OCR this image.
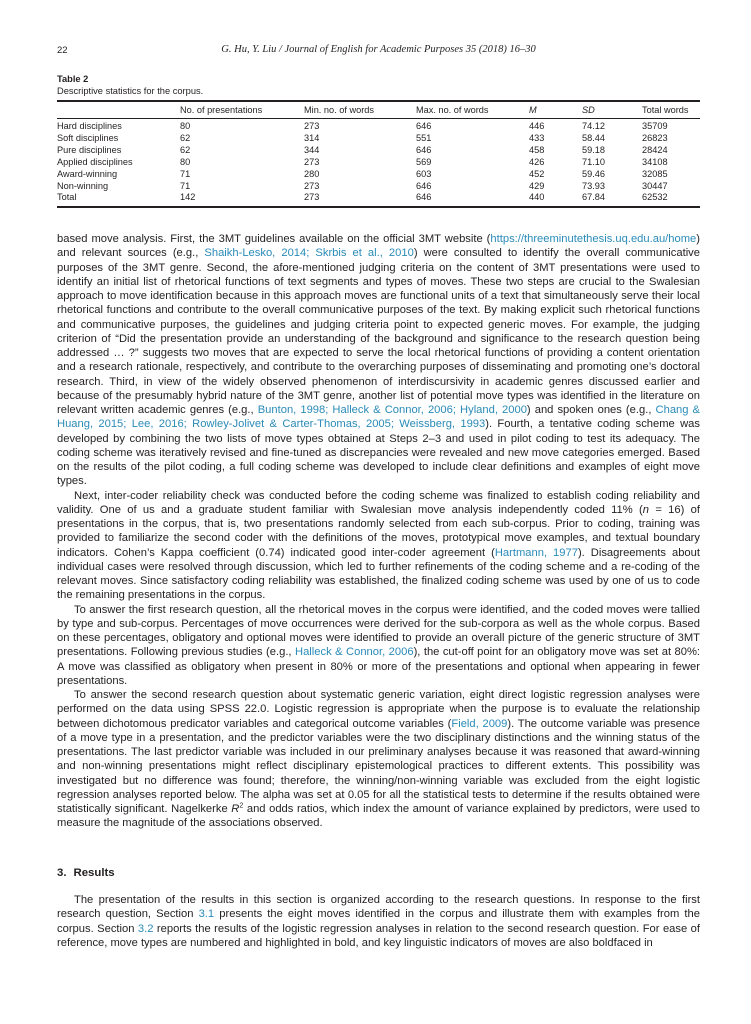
22	G. Hu, Y. Liu / Journal of English for Academic Purposes 35 (2018) 16–30
Table 2
Descriptive statistics for the corpus.
	No. of presentations	Min. no. of words	Max. no. of words	M	SD	Total words
Hard disciplines	80	273	646	446	74.12	35709
Soft disciplines	62	314	551	433	58.44	26823
Pure disciplines	62	344	646	458	59.18	28424
Applied disciplines	80	273	569	426	71.10	34108
Award-winning	71	280	603	452	59.46	32085
Non-winning	71	273	646	429	73.93	30447
Total	142	273	646	440	67.84	62532

based move analysis. First, the 3MT guidelines available on the official 3MT website (https://threeminutethesis.uq.edu.au/home) and relevant sources (e.g., Shaikh-Lesko, 2014; Skrbis et al., 2010) were consulted to identify the overall communicative purposes of the 3MT genre. Second, the afore-mentioned judging criteria on the content of 3MT presentations were used to identify an initial list of rhetorical functions of text segments and types of moves. These two steps are crucial to the Swalesian approach to move identification because in this approach moves are functional units of a text that simultaneously serve their local rhetorical functions and contribute to the overall communicative purposes of the text. By making explicit such rhetorical functions and communicative purposes, the guidelines and judging criteria point to expected generic moves. For example, the judging criterion of “Did the presentation provide an understanding of the background and significance to the research question being addressed … ?” suggests two moves that are expected to serve the local rhetorical functions of providing a content orientation and a research rationale, respectively, and contribute to the overarching purposes of disseminating and promoting one’s doctoral research. Third, in view of the widely observed phenomenon of interdiscursivity in academic genres discussed earlier and because of the presumably hybrid nature of the 3MT genre, another list of potential move types was identified in the literature on relevant written academic genres (e.g., Bunton, 1998; Halleck & Connor, 2006; Hyland, 2000) and spoken ones (e.g., Chang & Huang, 2015; Lee, 2016; Rowley-Jolivet & Carter-Thomas, 2005; Weissberg, 1993). Fourth, a tentative coding scheme was developed by combining the two lists of move types obtained at Steps 2–3 and used in pilot coding to test its adequacy. The coding scheme was iteratively revised and fine-tuned as discrepancies were revealed and new move categories emerged. Based on the results of the pilot coding, a full coding scheme was developed to include clear definitions and examples of eight move types.

Next, inter-coder reliability check was conducted before the coding scheme was finalized to establish coding reliability and validity. One of us and a graduate student familiar with Swalesian move analysis independently coded 11% (n = 16) of presentations in the corpus, that is, two presentations randomly selected from each sub-corpus. Prior to coding, training was provided to familiarize the second coder with the definitions of the moves, prototypical move examples, and textual boundary indicators. Cohen’s Kappa coefficient (0.74) indicated good inter-coder agreement (Hartmann, 1977). Disagreements about individual cases were resolved through discussion, which led to further refinements of the coding scheme and a re-coding of the relevant moves. Since satisfactory coding reliability was established, the finalized coding scheme was used by one of us to code the remaining presentations in the corpus.

To answer the first research question, all the rhetorical moves in the corpus were identified, and the coded moves were tallied by type and sub-corpus. Percentages of move occurrences were derived for the sub-corpora as well as the whole corpus. Based on these percentages, obligatory and optional moves were identified to provide an overall picture of the generic structure of 3MT presentations. Following previous studies (e.g., Halleck & Connor, 2006), the cut-off point for an obligatory move was set at 80%: A move was classified as obligatory when present in 80% or more of the presentations and optional when appearing in fewer presentations.

To answer the second research question about systematic generic variation, eight direct logistic regression analyses were performed on the data using SPSS 22.0. Logistic regression is appropriate when the purpose is to evaluate the relationship between dichotomous predicator variables and categorical outcome variables (Field, 2009). The outcome variable was presence of a move type in a presentation, and the predictor variables were the two disciplinary distinctions and the winning status of the presentations. The last predictor variable was included in our preliminary analyses because it was reasoned that award-winning and non-winning presentations might reflect disciplinary epistemological practices to different extents. This possibility was investigated but no difference was found; therefore, the winning/non-winning variable was excluded from the eight logistic regression analyses reported below. The alpha was set at 0.05 for all the statistical tests to determine if the results obtained were statistically significant. Nagelkerke $R^2$ and odds ratios, which index the amount of variance explained by predictors, were used to measure the magnitude of the associations observed.

3. Results

The presentation of the results in this section is organized according to the research questions. In response to the first research question, Section 3.1 presents the eight moves identified in the corpus and illustrate them with examples from the corpus. Section 3.2 reports the results of the logistic regression analyses in relation to the second research question. For ease of reference, move types are numbered and highlighted in bold, and key linguistic indicators of moves are also boldfaced in
